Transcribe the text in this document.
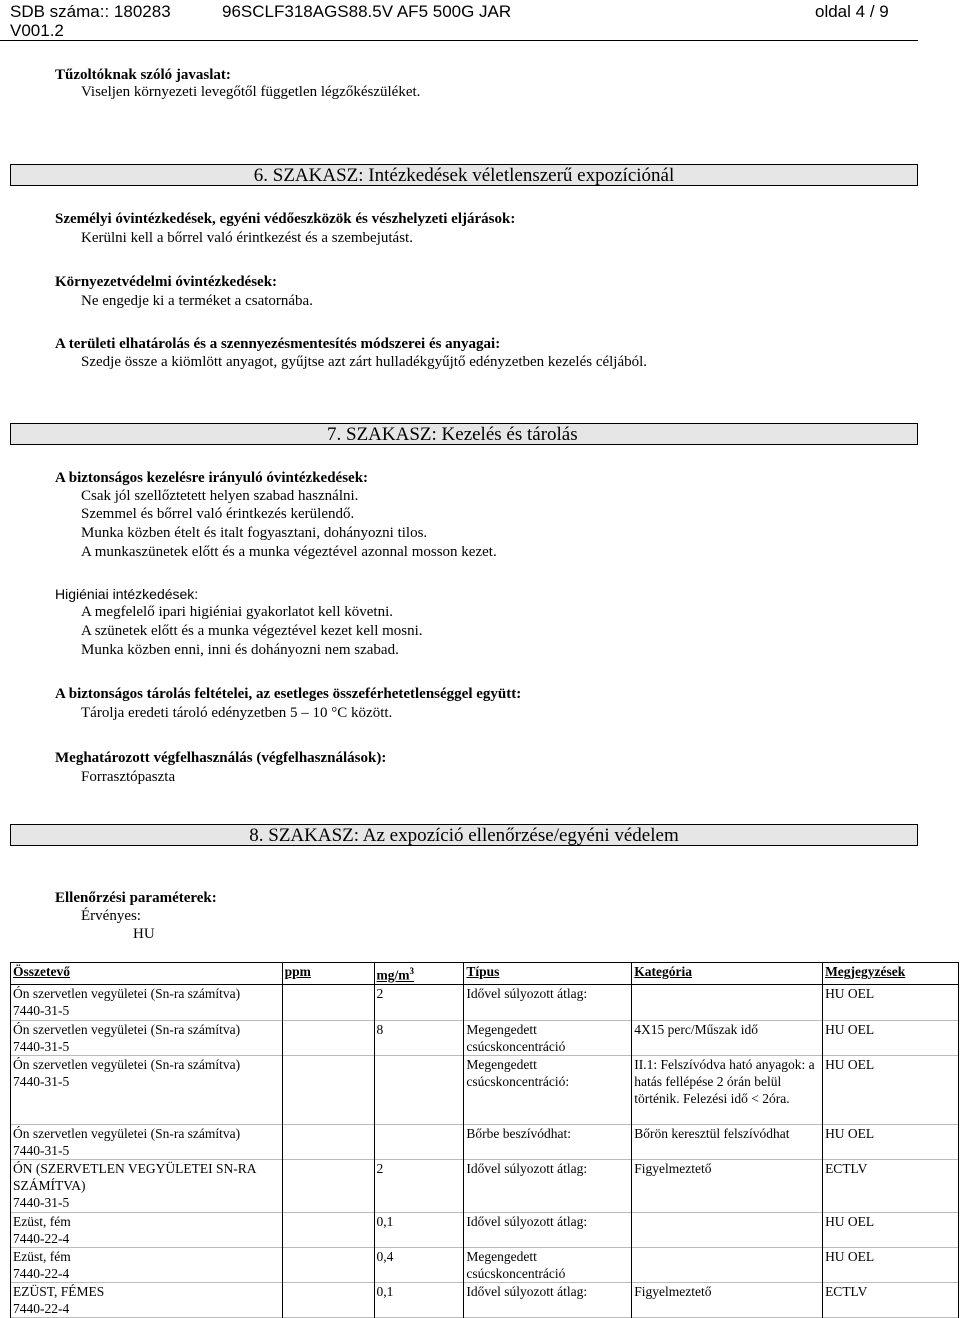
SDB száma:: 180283
V001.2
96SCLF318AGS88.5V AF5 500G JAR	oldal 4 / 9
Tűzoltóknak szóló javaslat:
Viseljen környezeti levegőtől független légzőkészüléket.
6. SZAKASZ: Intézkedések véletlenszerű expozíciónál
Személyi óvintézkedések, egyéni védőeszközök és vészhelyzeti eljárások:
Kerülni kell a bőrrel való érintkezést és a szembejutást.
Környezetvédelmi óvintézkedések:
Ne engedje ki a terméket a csatornába.
A területi elhatárolás és a szennyezésmentesítés módszerei és anyagai:
Szedje össze a kiömlött anyagot, gyűjtse azt zárt hulladékgyűjtő edényzetben kezelés céljából.
7. SZAKASZ: Kezelés és tárolás
A biztonságos kezelésre irányuló óvintézkedések:
Csak jól szellőztetett helyen szabad használni.
Szemmel és bőrrel való érintkezés kerülendő.
Munka közben ételt és italt fogyasztani, dohányozni tilos.
A munkaszünetek előtt és a munka végeztével azonnal mosson kezet.
Higiéniai intézkedések:
A megfelelő ipari higiéniai gyakorlatot kell követni.
A szünetek előtt és a munka végeztével kezet kell mosni.
Munka közben enni, inni és dohányozni nem szabad.
A biztonságos tárolás feltételei, az esetleges összeférhetetlenséggel együtt:
Tárolja eredeti tároló edényzetben 5 – 10 °C között.
Meghatározott végfelhasználás (végfelhasználások):
Forrasztópaszta
8. SZAKASZ: Az expozíció ellenőrzése/egyéni védelem
Ellenőrzési paraméterek:
Érvényes:
HU
Összetevő	ppm	$mg/m^3$	Típus	Kategória	Megjegyzések

Ón szervetlen vegyületei (Sn-ra számítva)
7440-31-5		2	Idővel súlyozott átlag:		HU OEL

Ón szervetlen vegyületei (Sn-ra számítva)
7440-31-5		8	Megengedett csúcskoncentráció	4X15 perc/Műszak idő	HU OEL

Ón szervetlen vegyületei (Sn-ra számítva)
7440-31-5			Megengedett csúcskoncentráció:	II.1: Felszívódva ható anyagok: a hatás fellépése 2 órán belül történik. Felezési idő < 2óra.	HU OEL

Ón szervetlen vegyületei (Sn-ra számítva)
7440-31-5			Bőrbe beszívódhat:	Bőrön keresztül felszívódhat	HU OEL

ÓN (SZERVETLEN VEGYÜLETEI SN-RA SZÁMÍTVA)
7440-31-5		2	Idővel súlyozott átlag:	Figyelmeztető	ECTLV

Ezüst, fém
7440-22-4		0,1	Idővel súlyozott átlag:		HU OEL

Ezüst, fém
7440-22-4		0,4	Megengedett csúcskoncentráció		HU OEL

EZÜST, FÉMES
7440-22-4		0,1	Idővel súlyozott átlag:	Figyelmeztető	ECTLV
